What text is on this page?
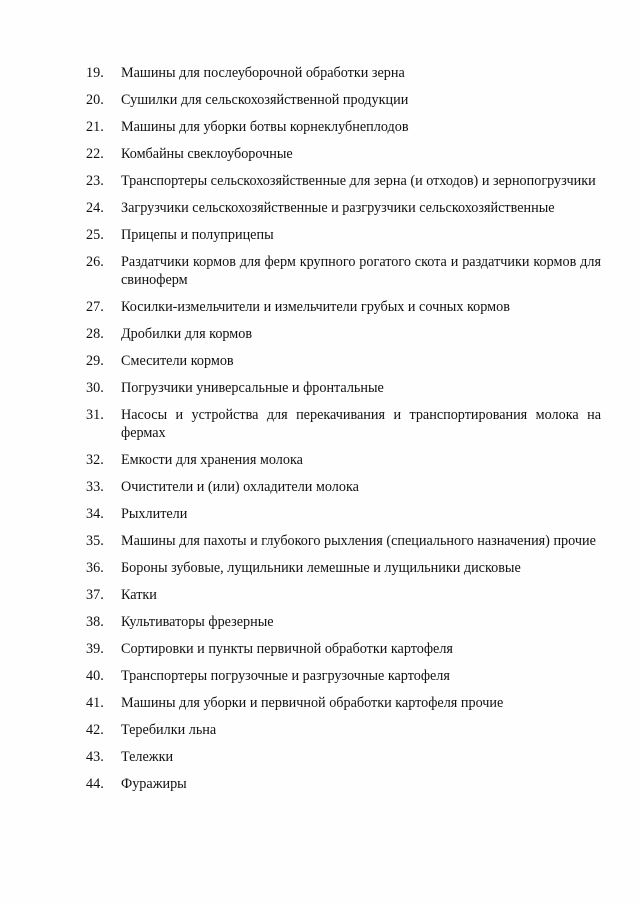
19.	Машины для послеуборочной обработки зерна
20.	Сушилки для сельскохозяйственной продукции
21.	Машины для уборки ботвы корнеклубнеплодов
22.	Комбайны свеклоуборочные
23.	Транспортеры сельскохозяйственные для зерна (и отходов) и зернопогрузчики
24.	Загрузчики сельскохозяйственные и разгрузчики сельскохозяйственные
25.	Прицепы и полуприцепы
26.	Раздатчики кормов для ферм крупного рогатого скота и раздатчики кормов для свиноферм
27.	Косилки-измельчители и измельчители грубых и сочных кормов
28.	Дробилки для кормов
29.	Смесители кормов
30.	Погрузчики универсальные и фронтальные
31.	Насосы и устройства для перекачивания и транспортирования молока на фермах
32.	Емкости для хранения молока
33.	Очистители и (или) охладители молока
34.	Рыхлители
35.	Машины для пахоты и глубокого рыхления (специального назначения) прочие
36.	Бороны зубовые, лущильники лемешные и лущильники дисковые
37.	Катки
38.	Культиваторы фрезерные
39.	Сортировки и пункты первичной обработки картофеля
40.	Транспортеры погрузочные и разгрузочные картофеля
41.	Машины для уборки и первичной обработки картофеля прочие
42.	Теребилки льна
43.	Тележки
44.	Фуражиры
